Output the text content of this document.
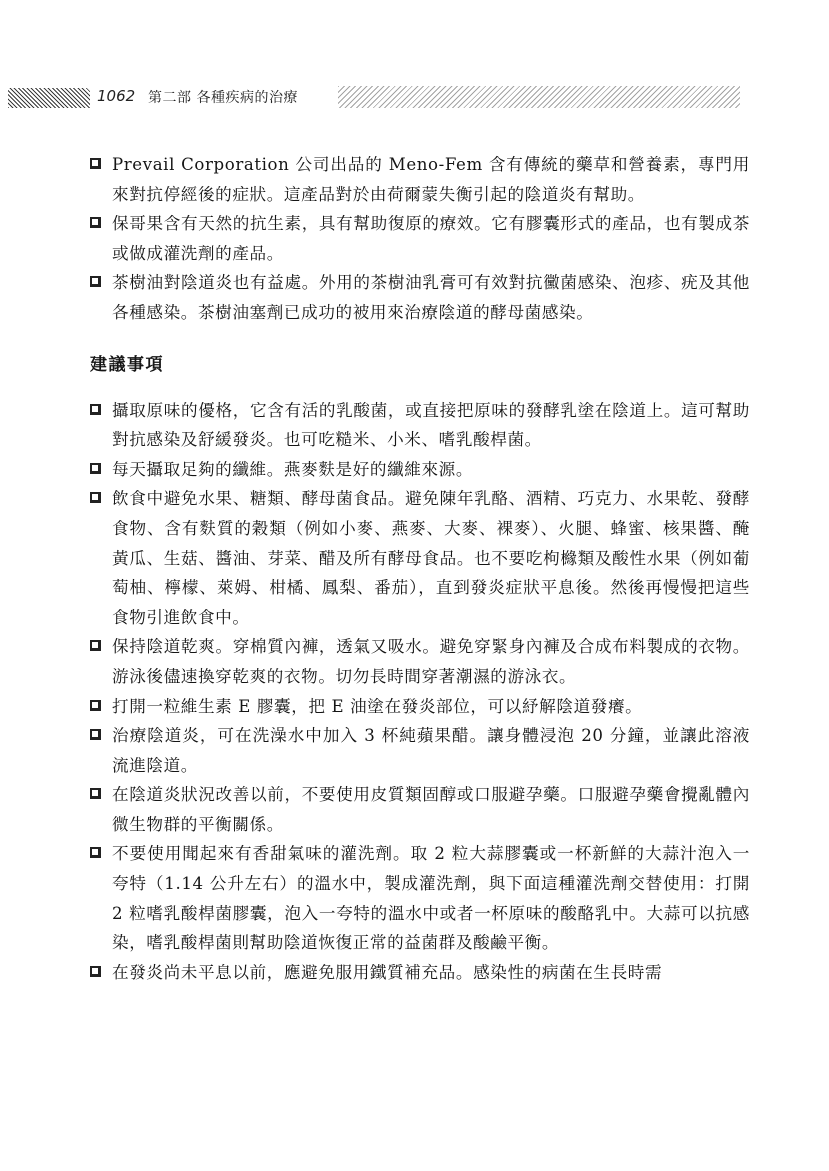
1062 第二部 各種疾病的治療

Prevail Corporation 公司出品的 Meno-Fem 含有傳統的藥草和營養素，專門用來對抗停經後的症狀。這產品對於由荷爾蒙失衡引起的陰道炎有幫助。

保哥果含有天然的抗生素，具有幫助復原的療效。它有膠囊形式的產品，也有製成茶或做成灌洗劑的產品。

茶樹油對陰道炎也有益處。外用的茶樹油乳膏可有效對抗黴菌感染、泡疹、疣及其他各種感染。茶樹油塞劑已成功的被用來治療陰道的酵母菌感染。

建議事項

攝取原味的優格，它含有活的乳酸菌，或直接把原味的發酵乳塗在陰道上。這可幫助對抗感染及舒緩發炎。也可吃糙米、小米、嗜乳酸桿菌。

每天攝取足夠的纖維。燕麥麩是好的纖維來源。

飲食中避免水果、糖類、酵母菌食品。避免陳年乳酪、酒精、巧克力、水果乾、發酵食物、含有麩質的穀類（例如小麥、燕麥、大麥、裸麥）、火腿、蜂蜜、核果醬、醃黃瓜、生菇、醬油、芽菜、醋及所有酵母食品。也不要吃枸櫞類及酸性水果（例如葡萄柚、檸檬、萊姆、柑橘、鳳梨、番茄），直到發炎症狀平息後。然後再慢慢把這些食物引進飲食中。

保持陰道乾爽。穿棉質內褲，透氣又吸水。避免穿緊身內褲及合成布料製成的衣物。游泳後儘速換穿乾爽的衣物。切勿長時間穿著潮濕的游泳衣。

打開一粒維生素 E 膠囊，把 E 油塗在發炎部位，可以紓解陰道發癢。

治療陰道炎，可在洗澡水中加入 3 杯純蘋果醋。讓身體浸泡 20 分鐘，並讓此溶液流進陰道。

在陰道炎狀況改善以前，不要使用皮質類固醇或口服避孕藥。口服避孕藥會攪亂體內微生物群的平衡關係。

不要使用聞起來有香甜氣味的灌洗劑。取 2 粒大蒜膠囊或一杯新鮮的大蒜汁泡入一夸特（1.14 公升左右）的溫水中，製成灌洗劑，與下面這種灌洗劑交替使用：打開 2 粒嗜乳酸桿菌膠囊，泡入一夸特的溫水中或者一杯原味的酸酪乳中。大蒜可以抗感染，嗜乳酸桿菌則幫助陰道恢復正常的益菌群及酸鹼平衡。

在發炎尚未平息以前，應避免服用鐵質補充品。感染性的病菌在生長時需
